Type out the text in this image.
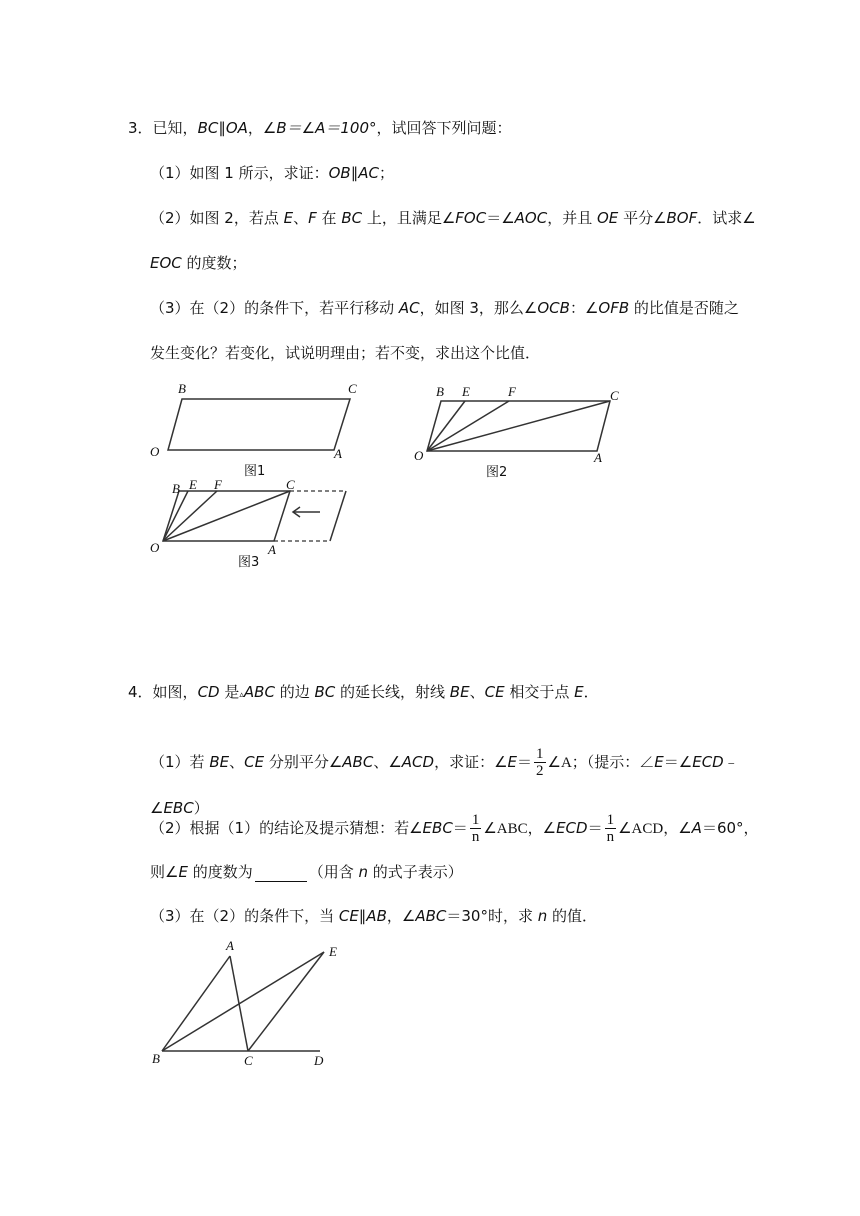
3．已知，BC∥OA，∠B＝∠A＝100°，试回答下列问题：
（1）如图 1 所示，求证：OB∥AC；
（2）如图 2，若点 E、F 在 BC 上，且满足∠FOC＝∠AOC，并且 OE 平分∠BOF．试求∠
EOC 的度数；
（3）在（2）的条件下，若平行移动 AC，如图 3，那么∠OCB：∠OFB 的比值是否随之
发生变化？若变化，试说明理由；若不变，求出这个比值．
B	C
O	A
图1
B E	F	C
O	A
图2
B E F	C
O	A
图3
4．如图，CD 是▵ABC 的边 BC 的延长线，射线 BE、CE 相交于点 E．
（1）若 BE、CE 分别平分∠ABC、∠ACD，求证：∠E＝ $\frac{1}{2}$ ∠A；（提示：∠E＝∠ECD﹣
∠EBC）
（2）根据（1）的结论及提示猜想：若∠EBC＝ $\frac{1}{n}$ ∠ABC，∠ECD＝ $\frac{1}{n}$ ∠ACD，∠A＝60°，
则∠E 的度数为	（用含 n 的式子表示）
（3）在（2）的条件下，当 CE∥AB，∠ABC＝30°时，求 n 的值．
A	E
B	C	D
